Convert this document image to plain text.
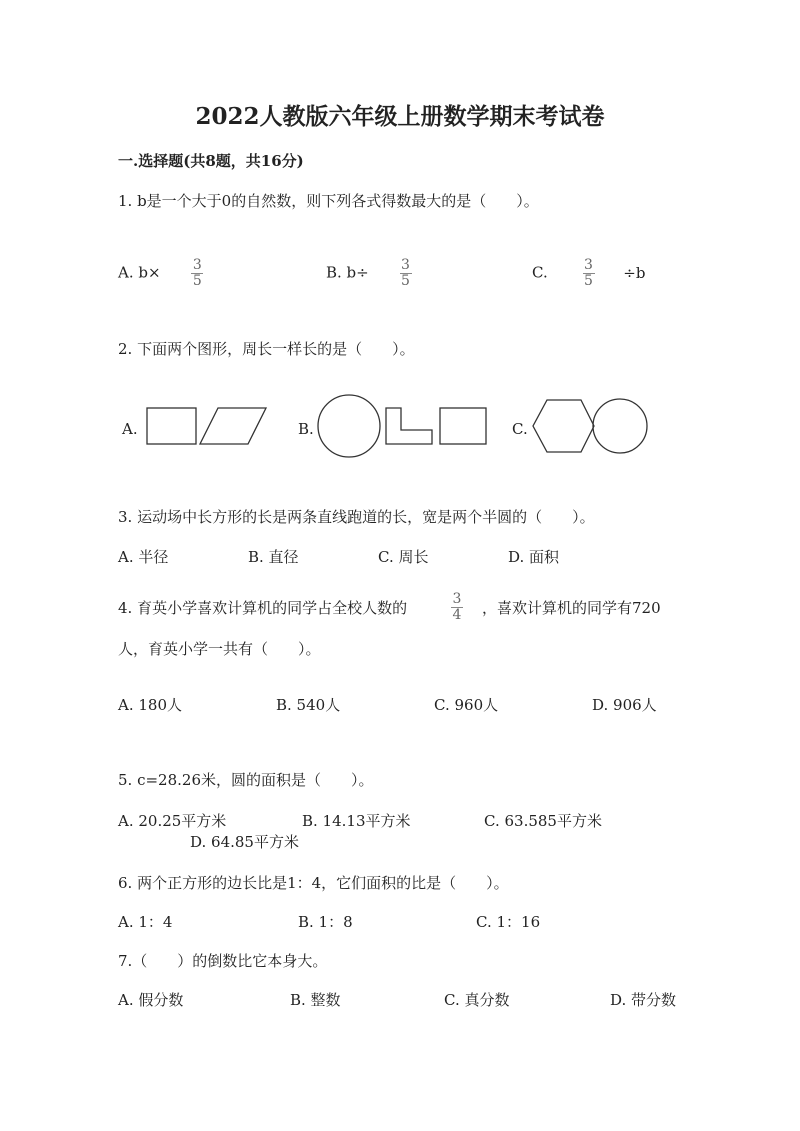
2022人教版六年级上册数学期末考试卷
一.选择题(共8题，共16分)
1. b是一个大于0的自然数，则下列各式得数最大的是（　　）。
A. $b\times \frac{3}{5}$	B. $b\div \frac{3}{5}$	C. $\frac{3}{5} \div b$
2. 下面两个图形，周长一样长的是（　　）。
A.	B.	C.
3. 运动场中长方形的长是两条直线跑道的长，宽是两个半圆的（　　）。
A. 半径	B. 直径	C. 周长	D. 面积
4. 育英小学喜欢计算机的同学占全校人数的	3
4 ，喜欢计算机的同学有720
人，育英小学一共有（　　）。
A. 180人	B. 540人	C. 960人	D. 906人
5. c=28.26米，圆的面积是（　　）。
A. 20.25平方米	B. 14.13平方米	C. 63.585平方米
D. 64.85平方米
6. 两个正方形的边长比是1：4，它们面积的比是（　　）。
A. 1：4	B. 1：8	C. 1：16
7.（　　）的倒数比它本身大。
A. 假分数	B. 整数	C. 真分数	D. 带分数
